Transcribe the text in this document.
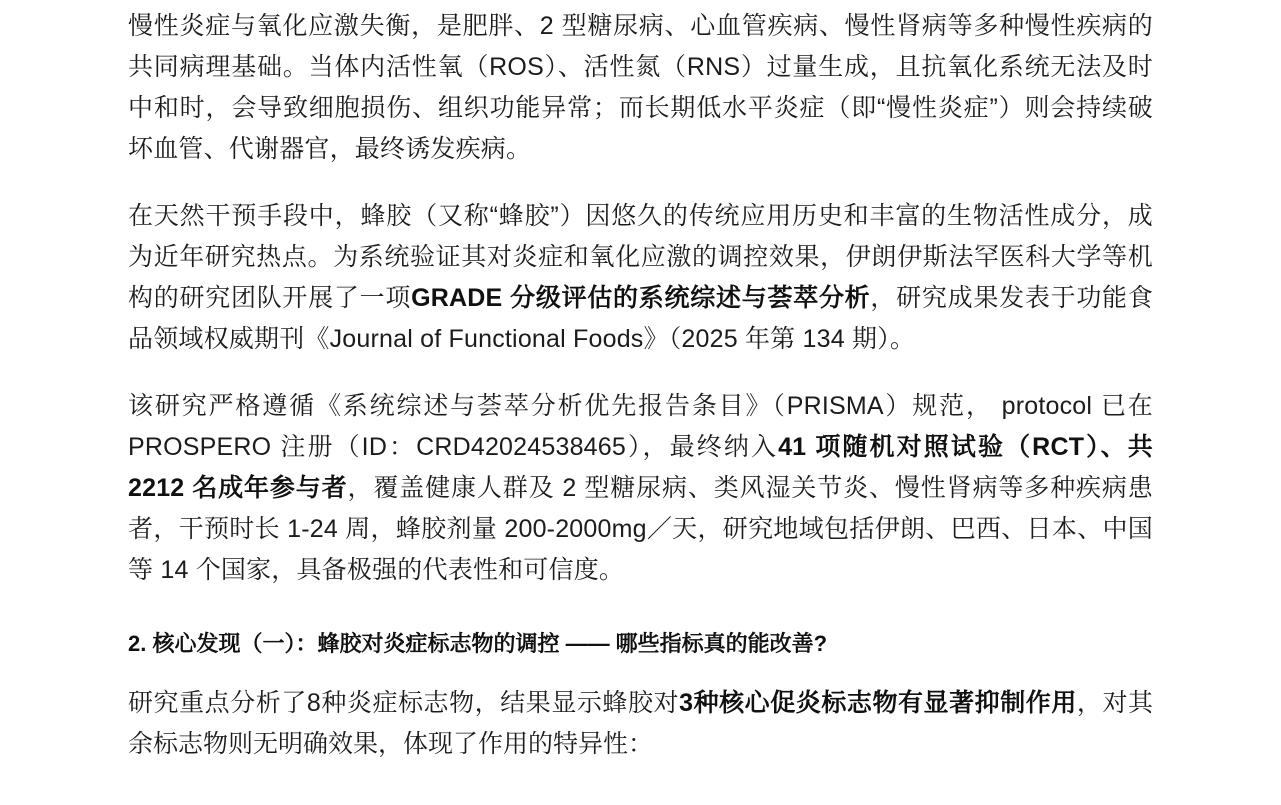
慢性炎症与氧化应激失衡，是肥胖、2 型糖尿病、心血管疾病、慢性肾病等多种慢性疾病的共同病理基础。当体内活性氧（ROS）、活性氮（RNS）过量生成，且抗氧化系统无法及时中和时，会导致细胞损伤、组织功能异常；而长期低水平炎症（即“慢性炎症”）则会持续破坏血管、代谢器官，最终诱发疾病。

在天然干预手段中，蜂胶（又称“蜂胶”）因悠久的传统应用历史和丰富的生物活性成分，成为近年研究热点。为系统验证其对炎症和氧化应激的调控效果，伊朗伊斯法罕医科大学等机构的研究团队开展了一项GRADE 分级评估的系统综述与荟萃分析，研究成果发表于功能食品领域权威期刊《Journal of Functional Foods》（2025 年第 134 期）。

该研究严格遵循《系统综述与荟萃分析优先报告条目》（PRISMA）规范， protocol 已在 PROSPERO 注册（ID：CRD42024538465），最终纳入41 项随机对照试验（RCT）、共 2212 名成年参与者，覆盖健康人群及 2 型糖尿病、类风湿关节炎、慢性肾病等多种疾病患者，干预时长 1-24 周，蜂胶剂量 200-2000mg／天，研究地域包括伊朗、巴西、日本、中国等 14 个国家，具备极强的代表性和可信度。

2. 核心发现（一）：蜂胶对炎症标志物的调控 —— 哪些指标真的能改善?

研究重点分析了8种炎症标志物，结果显示蜂胶对3种核心促炎标志物有显著抑制作用，对其余标志物则无明确效果，体现了作用的特异性：
